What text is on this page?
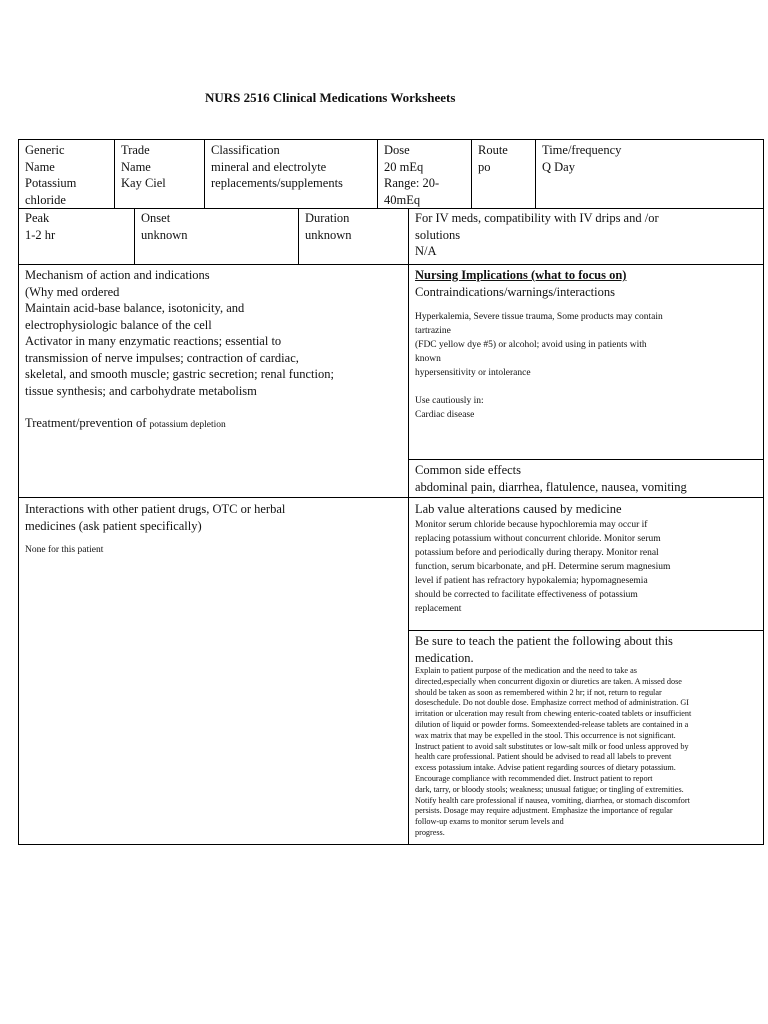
NURS 2516 Clinical Medications Worksheets
Generic
Name
Potassium
chloride
Trade
Name
Kay Ciel
Classification
mineral and electrolyte
replacements/supplements
Dose
20 mEq
Range: 20-
40mEq
Route
po
Time/frequency
Q Day
Peak
1-2 hr
Onset
unknown
Duration
unknown
For IV meds, compatibility with IV drips and /or
solutions
N/A
Mechanism of action and indications
(Why med ordered
Maintain acid-base balance, isotonicity, and
electrophysiologic balance of the cell
Activator in many enzymatic reactions; essential to
transmission of nerve impulses; contraction of cardiac,
skeletal, and smooth muscle; gastric secretion; renal function;
tissue synthesis; and carbohydrate metabolism
Treatment/prevention of potassium depletion
Nursing Implications (what to focus on)
Contraindications/warnings/interactions
Hyperkalemia, Severe tissue trauma, Some products may contain
tartrazine
(FDC yellow dye #5) or alcohol; avoid using in patients with
known
hypersensitivity or intolerance

Use cautiously in:
Cardiac disease
Common side effects
abdominal pain, diarrhea, flatulence, nausea, vomiting
Interactions with other patient drugs, OTC or herbal
medicines (ask patient specifically)
None for this patient
Lab value alterations caused by medicine
Monitor serum chloride because hypochloremia may occur if
replacing potassium without concurrent chloride. Monitor serum
potassium before and periodically during therapy. Monitor renal
function, serum bicarbonate, and pH. Determine serum magnesium
level if patient has refractory hypokalemia; hypomagnesemia
should be corrected to facilitate effectiveness of potassium
replacement
Be sure to teach the patient the following about this
medication.
Explain to patient purpose of the medication and the need to take as
directed,especially when concurrent digoxin or diuretics are taken. A missed dose
should be taken as soon as remembered within 2 hr; if not, return to regular
doseschedule. Do not double dose. Emphasize correct method of administration. GI
irritation or ulceration may result from chewing enteric-coated tablets or insufficient
dilution of liquid or powder forms. Someextended-release tablets are contained in a
wax matrix that may be expelled in the stool. This occurrence is not significant.
Instruct patient to avoid salt substitutes or low-salt milk or food unless approved by
health care professional. Patient should be advised to read all labels to prevent
excess potassium intake. Advise patient regarding sources of dietary potassium.
Encourage compliance with recommended diet. Instruct patient to report
dark, tarry, or bloody stools; weakness; unusual fatigue; or tingling of extremities.
Notify health care professional if nausea, vomiting, diarrhea, or stomach discomfort
persists. Dosage may require adjustment. Emphasize the importance of regular
follow-up exams to monitor serum levels and
progress.
